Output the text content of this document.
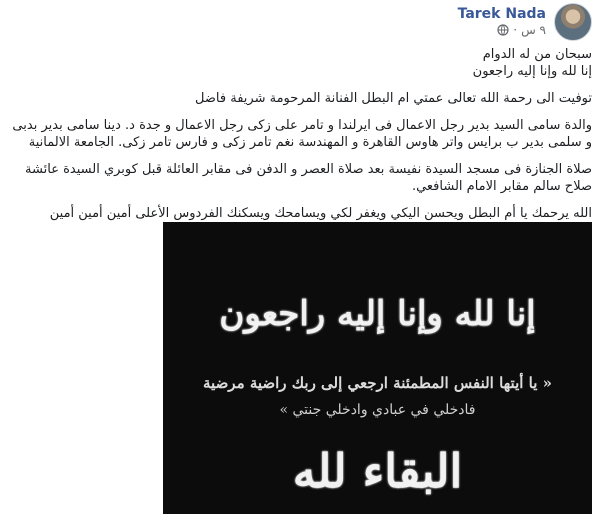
Tarek Nada
٩ س
·

سبحان من له الدوام
إنا لله وإنا إليه راجعون

توفيت الى رحمة الله تعالى عمتي ام البطل الفنانة المرحومة شريفة فاضل

والدة سامى السيد بدير رجل الاعمال فى ايرلندا و تامر على زكى رجل الاعمال و جدة د. دينا سامى بدير بدبى و سلمى بدير ب برايس واتر هاوس القاهرة و المهندسة نغم تامر زكى و فارس تامر زكى. الجامعة الالمانية

صلاة الجنازة فى مسجد السيدة نفيسة بعد صلاة العصر و الدفن فى مقابر العائلة قبل كوبري السيدة عائشة صلاح سالم مقابر الامام الشافعي.

الله يرحمك يا أم البطل ويحسن اليكي ويغفر لكي ويسامحك ويسكنك الفردوس الأعلى أمين أمين أمين

إنا لله وإنا إليه راجعون
« يا أيتها النفس المطمئنة ارجعي إلى ربك راضية مرضية
فادخلي في عبادي وادخلي جنتي »
البقاء لله
